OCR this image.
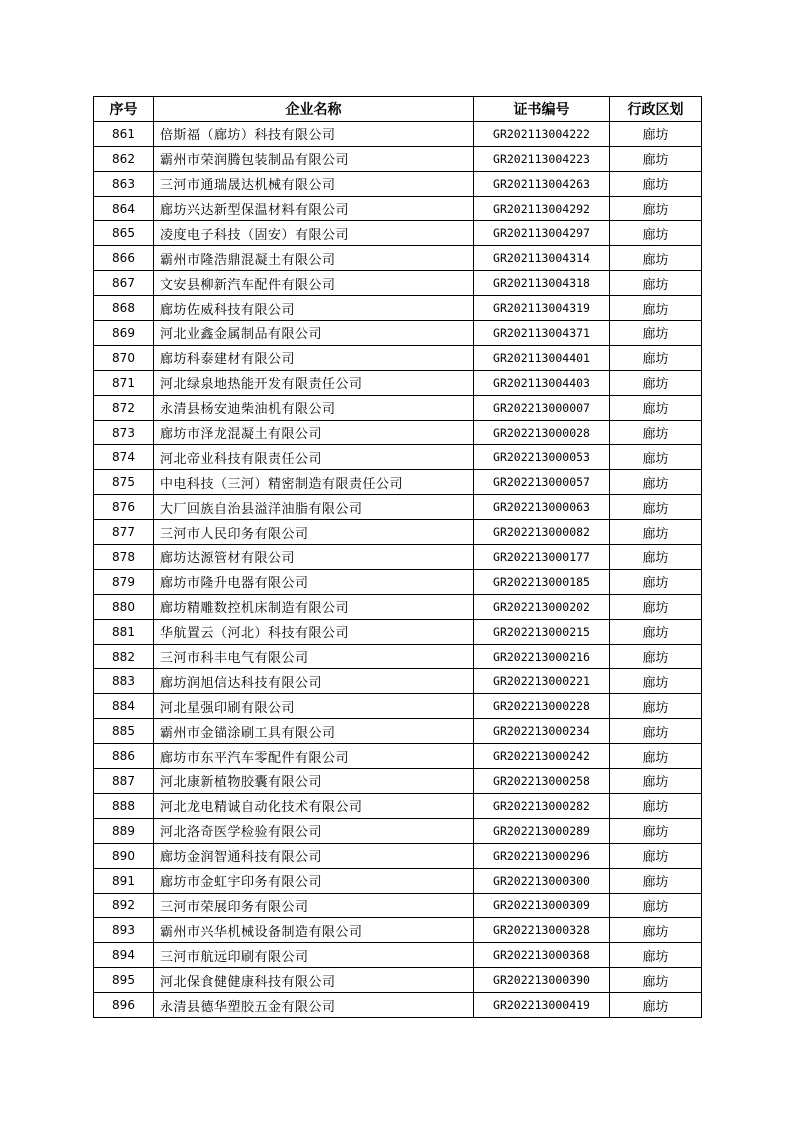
序号	企业名称	证书编号	行政区划
861	倍斯福（廊坊）科技有限公司	GR202113004222	廊坊
862	霸州市荣润腾包装制品有限公司	GR202113004223	廊坊
863	三河市通瑞晟达机械有限公司	GR202113004263	廊坊
864	廊坊兴达新型保温材料有限公司	GR202113004292	廊坊
865	凌度电子科技（固安）有限公司	GR202113004297	廊坊
866	霸州市隆浩鼎混凝土有限公司	GR202113004314	廊坊
867	文安县柳新汽车配件有限公司	GR202113004318	廊坊
868	廊坊佐威科技有限公司	GR202113004319	廊坊
869	河北业鑫金属制品有限公司	GR202113004371	廊坊
870	廊坊科泰建材有限公司	GR202113004401	廊坊
871	河北绿泉地热能开发有限责任公司	GR202113004403	廊坊
872	永清县杨安迪柴油机有限公司	GR202213000007	廊坊
873	廊坊市泽龙混凝土有限公司	GR202213000028	廊坊
874	河北帝业科技有限责任公司	GR202213000053	廊坊
875	中电科技（三河）精密制造有限责任公司	GR202213000057	廊坊
876	大厂回族自治县溢洋油脂有限公司	GR202213000063	廊坊
877	三河市人民印务有限公司	GR202213000082	廊坊
878	廊坊达源管材有限公司	GR202213000177	廊坊
879	廊坊市隆升电器有限公司	GR202213000185	廊坊
880	廊坊精雕数控机床制造有限公司	GR202213000202	廊坊
881	华航置云（河北）科技有限公司	GR202213000215	廊坊
882	三河市科丰电气有限公司	GR202213000216	廊坊
883	廊坊润旭信达科技有限公司	GR202213000221	廊坊
884	河北星强印刷有限公司	GR202213000228	廊坊
885	霸州市金锚涂刷工具有限公司	GR202213000234	廊坊
886	廊坊市东平汽车零配件有限公司	GR202213000242	廊坊
887	河北康新植物胶囊有限公司	GR202213000258	廊坊
888	河北龙电精诚自动化技术有限公司	GR202213000282	廊坊
889	河北洛奇医学检验有限公司	GR202213000289	廊坊
890	廊坊金润智通科技有限公司	GR202213000296	廊坊
891	廊坊市金虹宇印务有限公司	GR202213000300	廊坊
892	三河市荣展印务有限公司	GR202213000309	廊坊
893	霸州市兴华机械设备制造有限公司	GR202213000328	廊坊
894	三河市航远印刷有限公司	GR202213000368	廊坊
895	河北保食健健康科技有限公司	GR202213000390	廊坊
896	永清县德华塑胶五金有限公司	GR202213000419	廊坊
